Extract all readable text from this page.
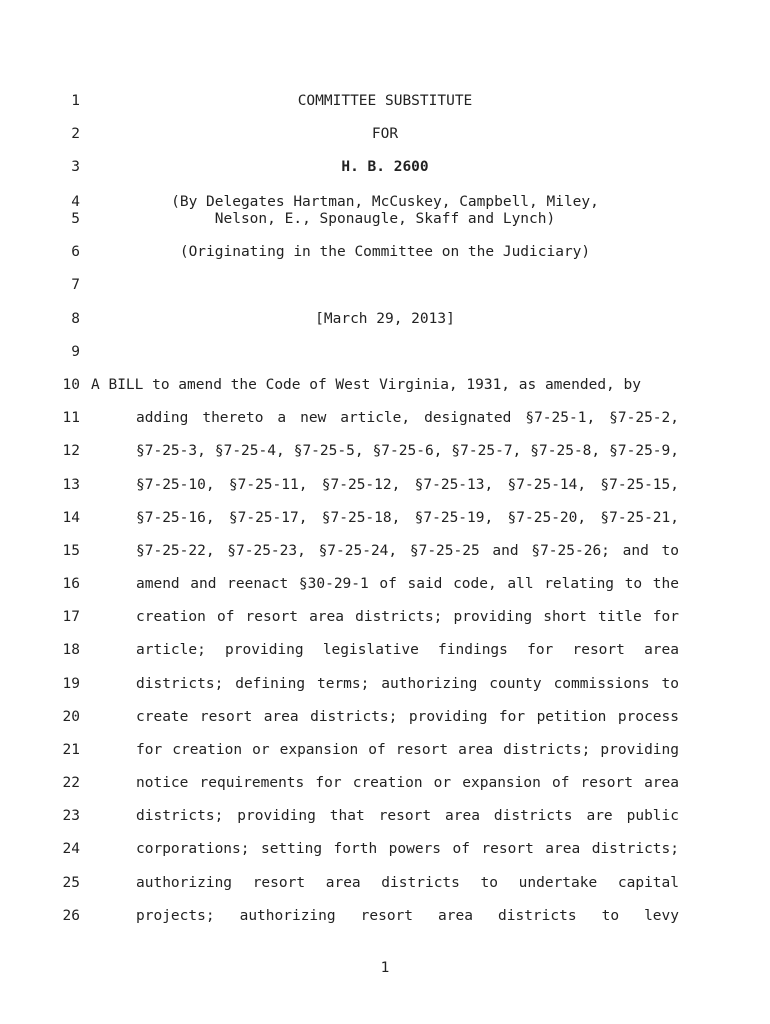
1
2
3
4
5
6
7
8
9
10
11
12
13
14
15
16
17
18
19
20
21
22
23
24
25
26
COMMITTEE SUBSTITUTE
FOR
H. B. 2600
(By Delegates Hartman, McCuskey, Campbell, Miley,
Nelson, E., Sponaugle, Skaff and Lynch)
(Originating in the Committee on the Judiciary)
[March 29, 2013]
A BILL to amend the Code of West Virginia, 1931, as amended, by
adding thereto a new article, designated §7-25-1, §7-25-2,
§7-25-3, §7-25-4, §7-25-5, §7-25-6, §7-25-7, §7-25-8, §7-25-9,
§7-25-10, §7-25-11, §7-25-12, §7-25-13, §7-25-14, §7-25-15,
§7-25-16, §7-25-17, §7-25-18, §7-25-19, §7-25-20, §7-25-21,
§7-25-22, §7-25-23, §7-25-24, §7-25-25 and §7-25-26; and to
amend and reenact §30-29-1 of said code, all relating to the
creation of resort area districts; providing short title for
article; providing legislative findings for resort area
districts; defining terms; authorizing county commissions to
create resort area districts; providing for petition process
for creation or expansion of resort area districts; providing
notice requirements for creation or expansion of resort area
districts; providing that resort area districts are public
corporations; setting forth powers of resort area districts;
authorizing resort area districts to undertake capital
projects; authorizing resort area districts to levy
1
